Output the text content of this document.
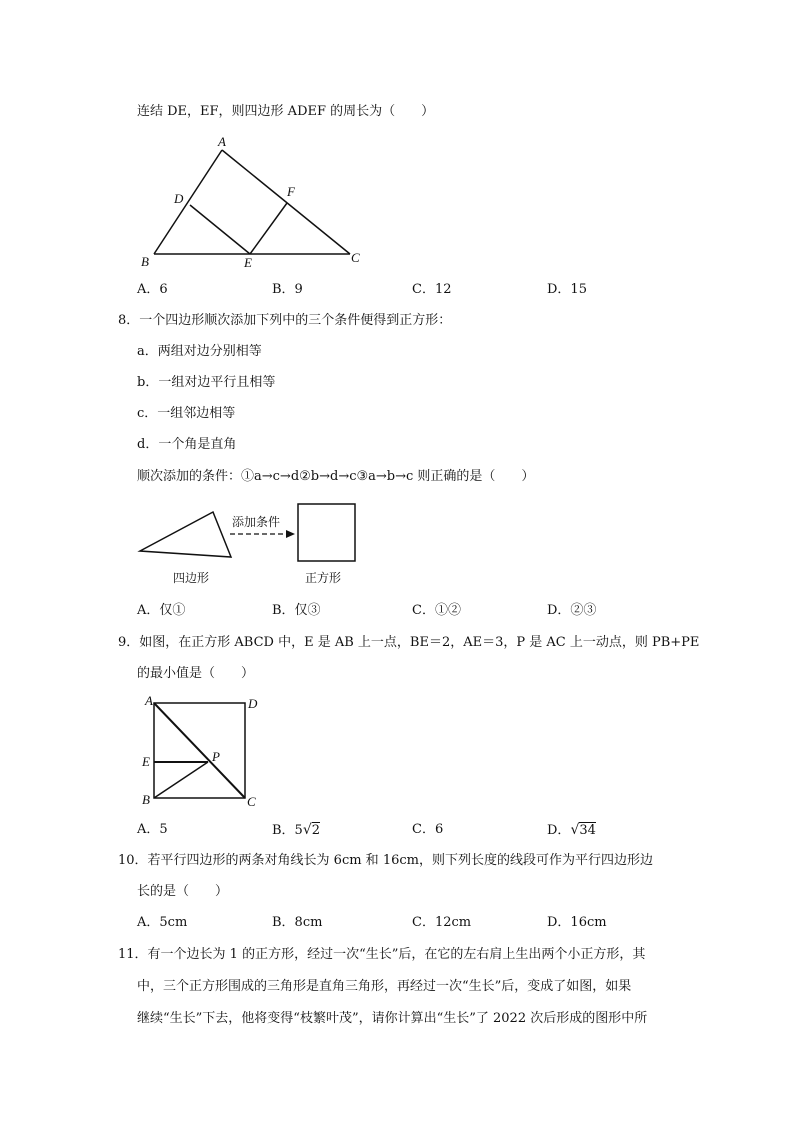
连结 DE，EF，则四边形 ADEF 的周长为（　　）
A
D	F
B	E	C
A．6	B．9	C．12	D．15
8．一个四边形顺次添加下列中的三个条件便得到正方形：
a．两组对边分别相等
b．一组对边平行且相等
c．一组邻边相等
d．一个角是直角
顺次添加的条件：①a→c→d②b→d→c③a→b→c 则正确的是（　　）
添加条件
四边形	正方形
A．仅①	B．仅③	C．①②	D．②③
9．如图，在正方形 ABCD 中，E 是 AB 上一点，BE＝2，AE＝3，P 是 AC 上一动点，则 PB+PE
的最小值是（　　）
A	D
E	P
B	C
A．5	B．5√2	C．6	D．√34
10．若平行四边形的两条对角线长为 6cm 和 16cm，则下列长度的线段可作为平行四边形边
长的是（　　）
A．5cm	B．8cm	C．12cm	D．16cm
11．有一个边长为 1 的正方形，经过一次“生长”后，在它的左右肩上生出两个小正方形，其
中，三个正方形围成的三角形是直角三角形，再经过一次“生长”后，变成了如图，如果
继续“生长”下去，他将变得“枝繁叶茂”，请你计算出“生长”了 2022 次后形成的图形中所
